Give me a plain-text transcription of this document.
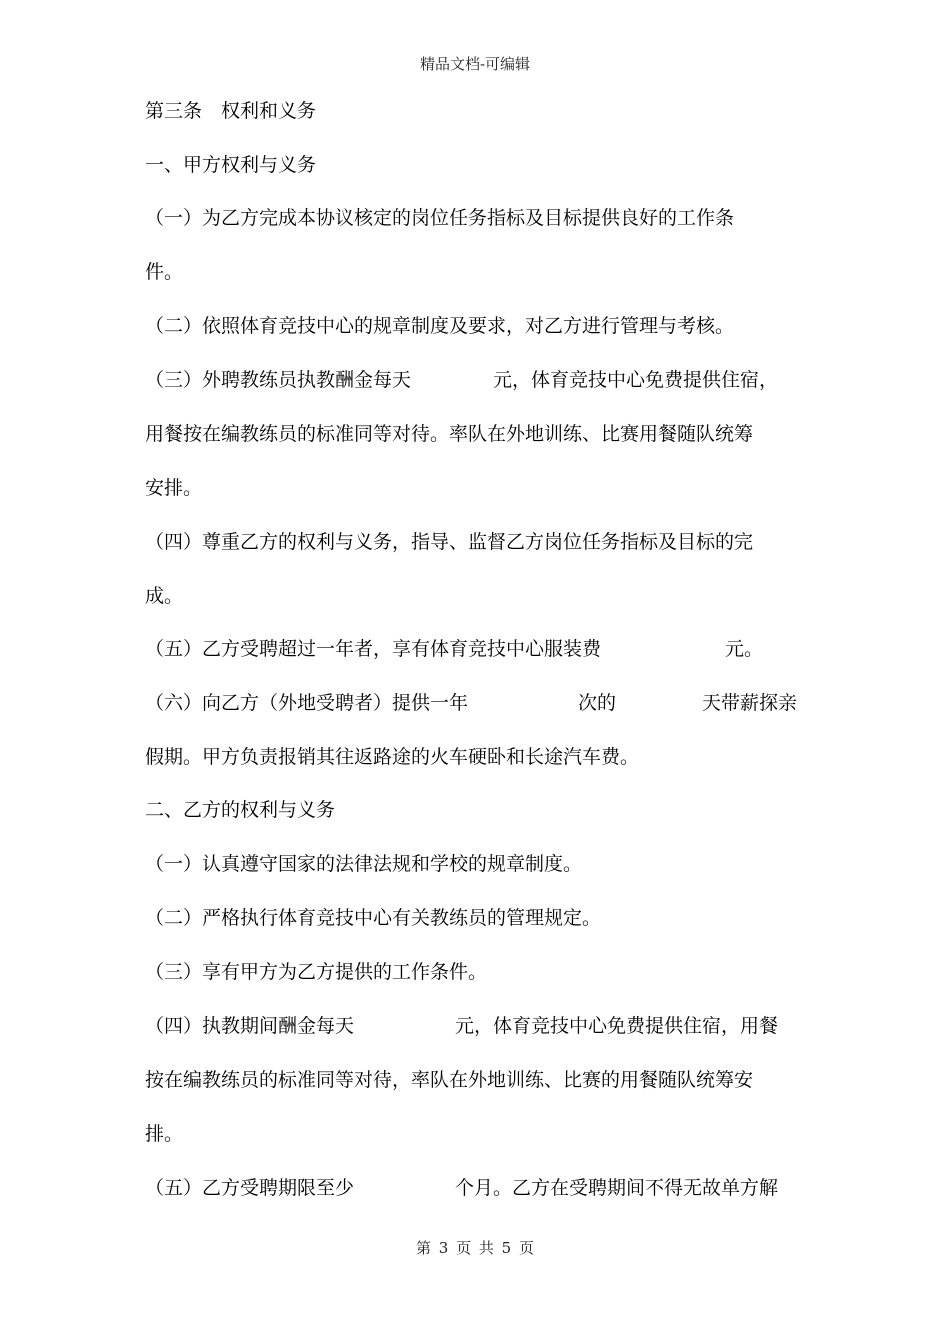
精品文档-可编辑
第三条　权利和义务
一、甲方权利与义务
（一）为乙方完成本协议核定的岗位任务指标及目标提供良好的工作条
件。
（二）依照体育竞技中心的规章制度及要求，对乙方进行管理与考核。
（三）外聘教练员执教酬金每天	元，体育竞技中心免费提供住宿，
用餐按在编教练员的标准同等对待。率队在外地训练、比赛用餐随队统筹
安排。
（四）尊重乙方的权利与义务，指导、监督乙方岗位任务指标及目标的完
成。
（五）乙方受聘超过一年者，享有体育竞技中心服装费	元。
（六）向乙方（外地受聘者）提供一年	次的	天带薪探亲
假期。甲方负责报销其往返路途的火车硬卧和长途汽车费。
二、乙方的权利与义务
（一）认真遵守国家的法律法规和学校的规章制度。
（二）严格执行体育竞技中心有关教练员的管理规定。
（三）享有甲方为乙方提供的工作条件。
（四）执教期间酬金每天	元，体育竞技中心免费提供住宿，用餐
按在编教练员的标准同等对待，率队在外地训练、比赛的用餐随队统筹安
排。
（五）乙方受聘期限至少	个月。乙方在受聘期间不得无故单方解
第 3 页 共 5 页
